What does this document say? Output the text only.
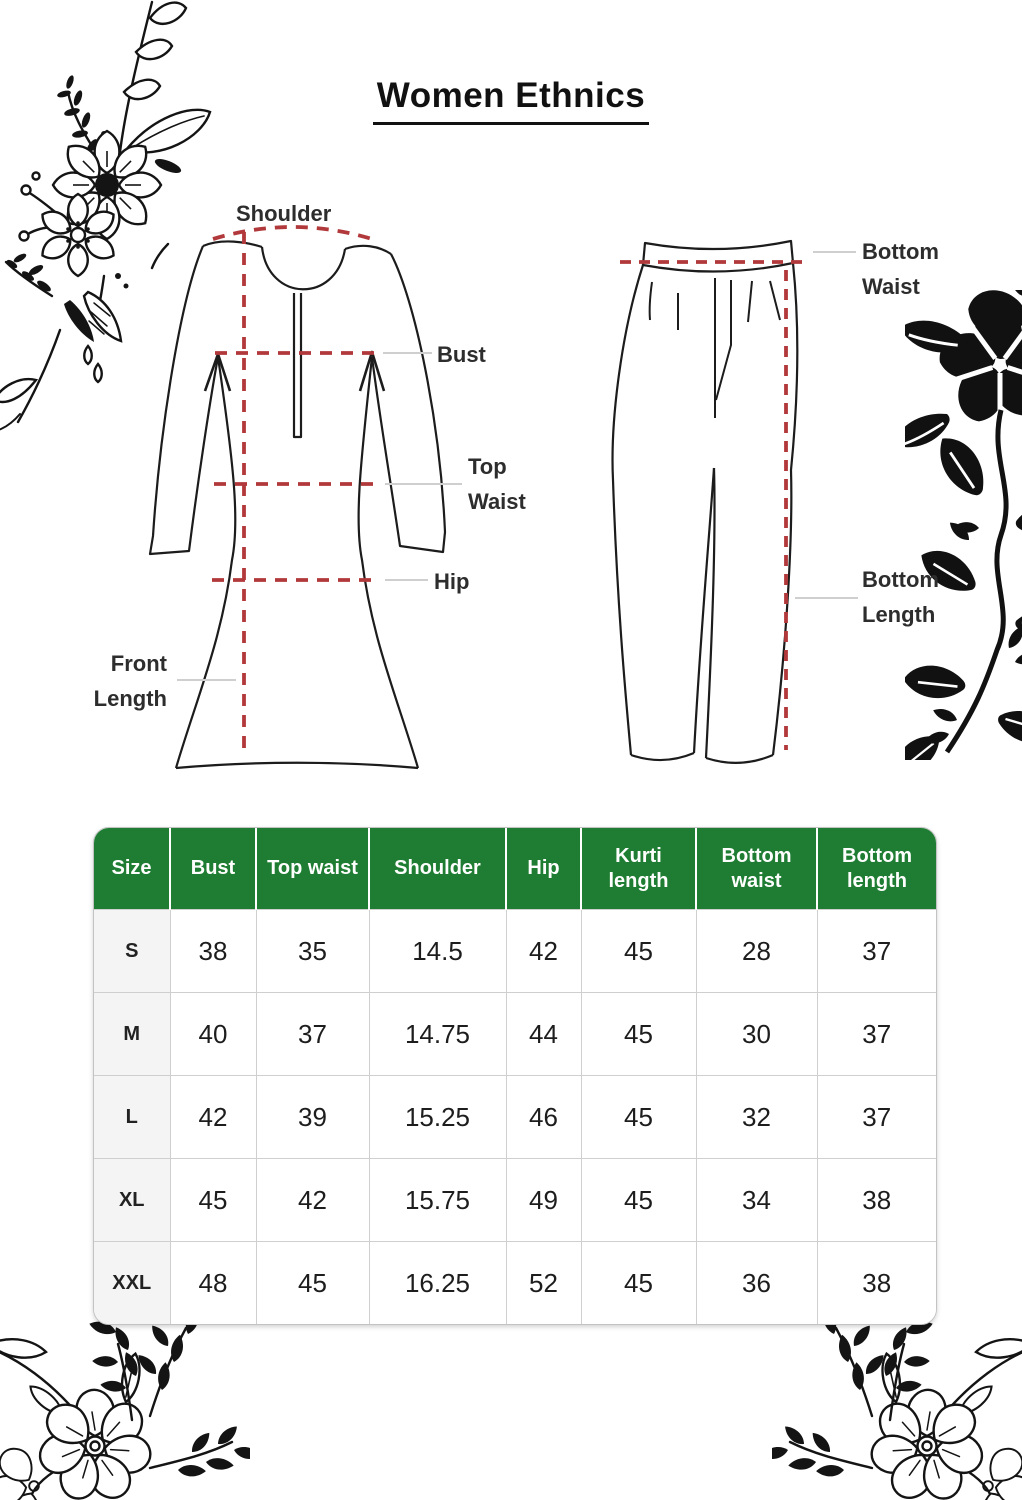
Women Ethnics
Shoulder
Bust
Top Waist
Hip
Front Length
Bottom Waist
Bottom Length
Size	Bust	Top waist	Shoulder	Hip	Kurti length	Bottom waist	Bottom length
S	38	35	14.5	42	45	28	37
M	40	37	14.75	44	45	30	37
L	42	39	15.25	46	45	32	37
XL	45	42	15.75	49	45	34	38
XXL	48	45	16.25	52	45	36	38
